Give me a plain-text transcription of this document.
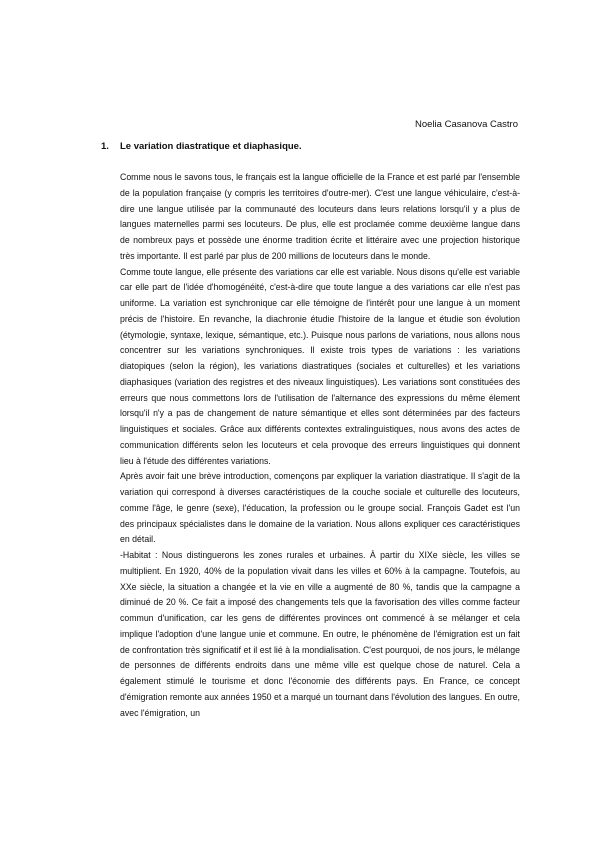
Noelia Casanova Castro
1. Le variation diastratique et diaphasique.

Comme nous le savons tous, le français est la langue officielle de la France et est parlé par l'ensemble de la population française (y compris les territoires d'outre-mer). C'est une langue véhiculaire, c'est-à-dire une langue utilisée par la communauté des locuteurs dans leurs relations lorsqu'il y a plus de langues maternelles parmi ses locuteurs. De plus, elle est proclamée comme deuxième langue dans de nombreux pays et possède une énorme tradition écrite et littéraire avec une projection historique très importante. Il est parlé par plus de 200 millions de locuteurs dans le monde.

Comme toute langue, elle présente des variations car elle est variable. Nous disons qu'elle est variable car elle part de l'idée d'homogénéité, c'est-à-dire que toute langue a des variations car elle n'est pas uniforme. La variation est synchronique car elle témoigne de l'intérêt pour une langue à un moment précis de l'histoire. En revanche, la diachronie étudie l'histoire de la langue et étudie son évolution (étymologie, syntaxe, lexique, sémantique, etc.). Puisque nous parlons de variations, nous allons nous concentrer sur les variations synchroniques. Il existe trois types de variations : les variations diatopiques (selon la région), les variations diastratiques (sociales et culturelles) et les variations diaphasiques (variation des registres et des niveaux linguistiques). Les variations sont constituées des erreurs que nous commettons lors de l'utilisation de l'alternance des expressions du même élement lorsqu'il n'y a pas de changement de nature sémantique et elles sont déterminées par des facteurs linguistiques et sociales. Grâce aux différents contextes extralinguistiques, nous avons des actes de communication différents selon les locuteurs et cela provoque des erreurs linguistiques qui donnent lieu à l'étude des différentes variations.

Après avoir fait une brève introduction, començons par expliquer la variation diastratique. Il s'agit de la variation qui correspond à diverses caractéristiques de la couche sociale et culturelle des locuteurs, comme l'âge, le genre (sexe), l'éducation, la profession ou le groupe social. François Gadet est l'un des principaux spécialistes dans le domaine de la variation. Nous allons expliquer ces caractéristiques en détail.

-Habitat : Nous distinguerons les zones rurales et urbaines. À partir du XIXe siècle, les villes se multiplient. En 1920, 40% de la population vivait dans les villes et 60% à la campagne. Toutefois, au XXe siècle, la situation a changée et la vie en ville a augmenté de 80 %, tandis que la campagne a diminué de 20 %. Ce fait a imposé des changements tels que la favorisation des villes comme facteur commun d'unification, car les gens de différentes provinces ont commencé à se mélanger et cela implique l'adoption d'une langue unie et commune. En outre, le phénomène de l'émigration est un fait de confrontation très significatif et il est lié à la mondialisation. C'est pourquoi, de nos jours, le mélange de personnes de différents endroits dans une même ville est quelque chose de naturel. Cela a également stimulé le tourisme et donc l'économie des différents pays. En France, ce concept d'émigration remonte aux années 1950 et a marqué un tournant dans l'évolution des langues. En outre, avec l'émigration, un
